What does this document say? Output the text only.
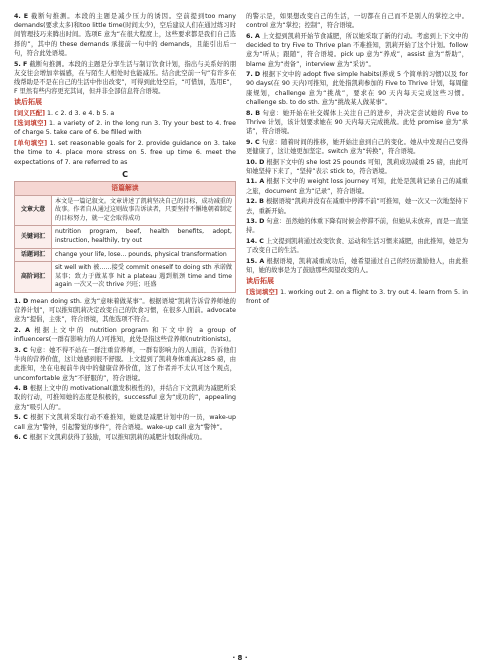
4. E 截断句推测。本段的主题是减少压力的诱因。空前提到too many demands(要求太多)和too little time(时间太少)，空后建议人们在通过练习时间管理技巧来腾出时间。选项E 意为“在很大程度上，这些要求都是我们自己选择的”，其中的 these demands 承接前一句中的 demands，且能引出后一句，符合此处语境。

5. F 截断句推测。本段的主题是分享生活与制订饮食计划，指出与关系好的朋友交往会增加幸福感，在与陌生人相处时也能减压。结合此空前一句“有许多在线帮助是不是在自己的生活中作出改变”，可得到此处空后，“可惜加，选用E”，F 里然有些内容更充其词，但并非全部信息符合语境。

读后拓展

[词义匹配] 1. c 2. d 3. e 4. b 5. a

[选词填空] 1. a variety of 2. in the long run 3. Try your best to 4. free of charge 5. take care of 6. be filled with

[单句填空] 1. set reasonable goals for 2. provide guidance on 3. take the time to 4. place more stress on 5. free up time 6. meet the expectations of 7. are referred to as

C
语篇解读	
文章大意	本文是一篇记叙文。文章讲述了凯莉坚决自己的目标，成功减重的故事。作者自从通过这则故事告诉读者，只要坚持不懈地朝着制定的目标努力，就一定会取得成功
关键词汇	nutrition program, beef, health benefits, adopt, instruction, healthily, try out
话题词汇	change your life, lose... pounds, physical transformation
高阶词汇	sit well with 被……接受 commit oneself to doing sth 承诺做某事；致力于做某事 hit a plateau 遇到瓶颈 time and time again 一次又一次 thrive 兴旺；旺盛

1. D mean doing sth. 意为“意味着做某事”。根据语境“凯莉告诉营养师她的营养计划”，可以推知凯莉决定改变自己的饮食习惯，在很多人面前。advocate 意为“提倡，主张”，符合语境，其他选项不符合。

2. A 根据上文中的 nutrition program 和下文中的 a group of influencers(一群有影响力的人)可推知，此处是指这些营养师(nutritionists)。

3. C 句意：她不得不站在一群注重营养师，一群有影响力的人面前，告诉他们牛肉的营养价值，这让她感到很不舒服。上文提到了凯莉身体重高达285 磅，由此推知，坐在电视前牛肉中的健康营养价值，这了作者并不太认可这个观点，uncomfortable 意为“不舒服的”，符合语境。

4. B 根据上文中的 motivational(激发积极性的)，并结合下文凯莉为减肥所采取的行动，可推知她的态度是积极的，successful 意为“成功的”，appealing 意为“吸引人的”。

5. C 根据下文凯莉采取行动不难推知，她就是减肥计划中的一员，wake-up call 意为“警钟，引起警觉的事件”，符合语境。wake-up call 意为“警钟”。

6. C 根据下文凯莉获得了鼓励，可以推知凯莉的减肥计划取得成功。

的警示是，如果想改变自己的生活，一切都在自己而不是别人的掌控之中。control 意为“掌控；控制”，符合语境。

6. A 上文提到凯莉开始节食减肥，所以她采取了新的行动。考虑到上下文中的 decided to try Five to Thrive plan 不难推知，凯莉开始了这个计划。follow 意为“听从；跟随”，符合语境。pick up 意为“养成”，assist 意为“帮助”，blame 意为“责备”，interview 意为“采访”。

7. D 根据下文中的 adopt five simple habits(养成 5 个简单的习惯)以及 for 90 days(在 90 天内)可推知，此处指凯莉参加的 Five to Thrive 计划，每周健康规划，challenge 意为“挑战”，要求在 90 天内每天完成这些习惯。challenge sb. to do sth. 意为“挑战某人做某事”。

8. B 句意：她开始在社交媒体上关注自己的进步，并决定尝试她的 Five to Thrive 计划，该计划要求她在 90 天内每天完成挑战。此处 promise 意为“承诺”，符合语境。

9. C 句意：随着时间的推移，她开始注意到自己的变化。她从中发现自己变得更健康了，这让她更加坚定。switch 意为“转换”，符合语境。

10. D 根据下文中的 she lost 25 pounds 可知，凯莉成功减重 25 磅，由此可知她坚持下来了，“坚持”表示 stick to，符合语境。

11. A 根据下文中的 weight loss journey 可知，此处是凯莉记录自己的减重之旅，document 意为“记录”，符合语境。

12. B 根据语境“凯莉并没有在减重中停滞不前”可推知，她一次又一次地坚持下去，重新开始。

13. D 句意：虽然她的体重下降有时候会停滞不前，但她从未放弃，而是一直坚持。

14. C 上文提到凯莉通过改变饮食、运动和生活习惯来减肥，由此推知，她是为了改变自己的生活。

15. A 根据语境，凯莉减重成功后，她希望通过自己的经历激励他人，由此推知，她的故事是为了鼓励那些渴望改变的人。

读后拓展

[选词填空] 1. working out 2. on a flight to 3. try out 4. learn from 5. in front of

· 8 ·
